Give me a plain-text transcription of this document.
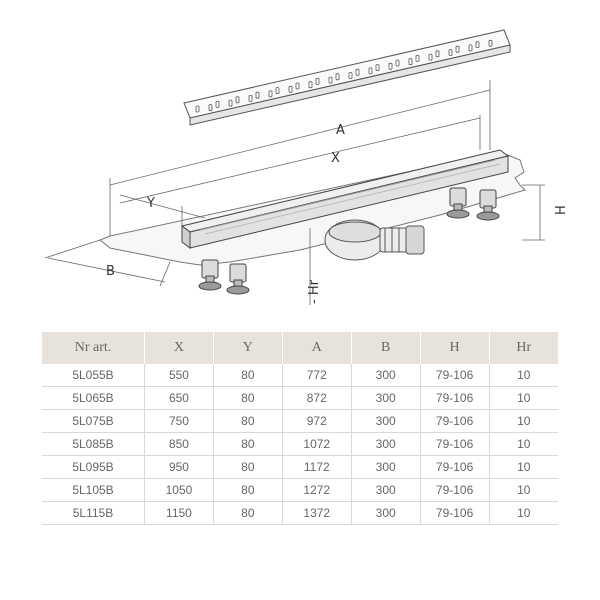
A
X
Y
B
H
- Hr
Nr art.	X	Y	A	B	H	Hr
5L055B	550	80	772	300	79-106	10
5L065B	650	80	872	300	79-106	10
5L075B	750	80	972	300	79-106	10
5L085B	850	80	1072	300	79-106	10
5L095B	950	80	1172	300	79-106	10
5L105B	1050	80	1272	300	79-106	10
5L115B	1150	80	1372	300	79-106	10
